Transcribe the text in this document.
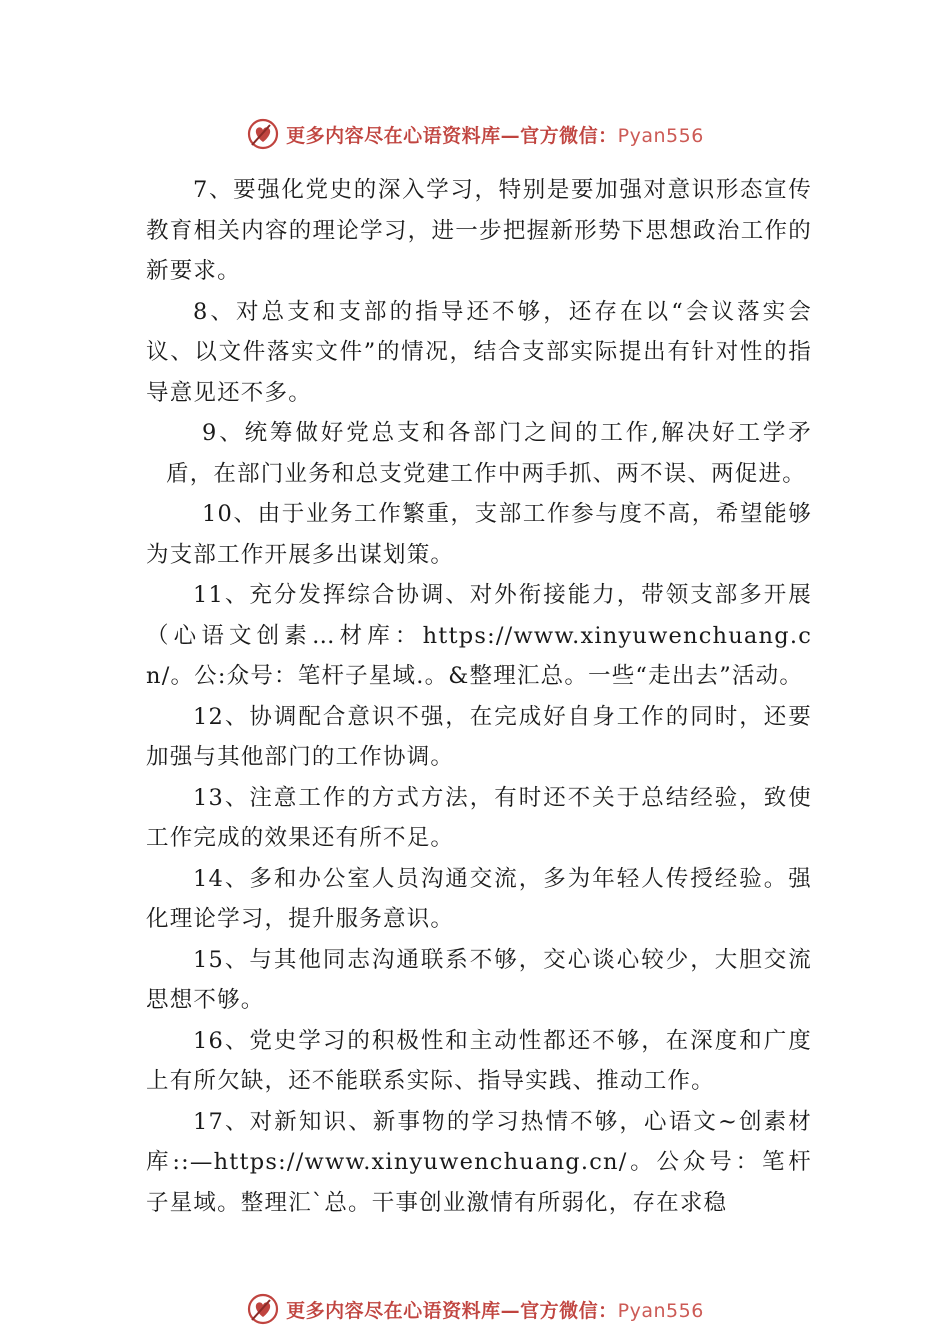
更多内容尽在心语资料库—官方微信：Pyan556

7、要强化党史的深入学习，特别是要加强对意识形态宣传教育相关内容的理论学习，进一步把握新形势下思想政治工作的新要求。

8、对总支和支部的指导还不够，还存在以“会议落实会议、以文件落实文件”的情况，结合支部实际提出有针对性的指导意见还不多。

9、统筹做好党总支和各部门之间的工作,解决好工学矛盾，在部门业务和总支党建工作中两手抓、两不误、两促进。

10、由于业务工作繁重，支部工作参与度不高，希望能够为支部工作开展多出谋划策。

11、充分发挥综合协调、对外衔接能力，带领支部多开展（心语文创素…材库：https://www.xinyuwenchuang.cn/。公:众号：笔杆子星域.。&整理汇总。一些“走出去”活动。

12、协调配合意识不强，在完成好自身工作的同时，还要加强与其他部门的工作协调。

13、注意工作的方式方法，有时还不关于总结经验，致使工作完成的效果还有所不足。

14、多和办公室人员沟通交流，多为年轻人传授经验。强化理论学习，提升服务意识。

15、与其他同志沟通联系不够，交心谈心较少，大胆交流思想不够。

16、党史学习的积极性和主动性都还不够，在深度和广度上有所欠缺，还不能联系实际、指导实践、推动工作。

17、对新知识、新事物的学习热情不够，心语文~创素材库::—https://www.xinyuwenchuang.cn/。公众号：笔杆子星域。整理汇`总。干事创业激情有所弱化，存在求稳

更多内容尽在心语资料库—官方微信：Pyan556
